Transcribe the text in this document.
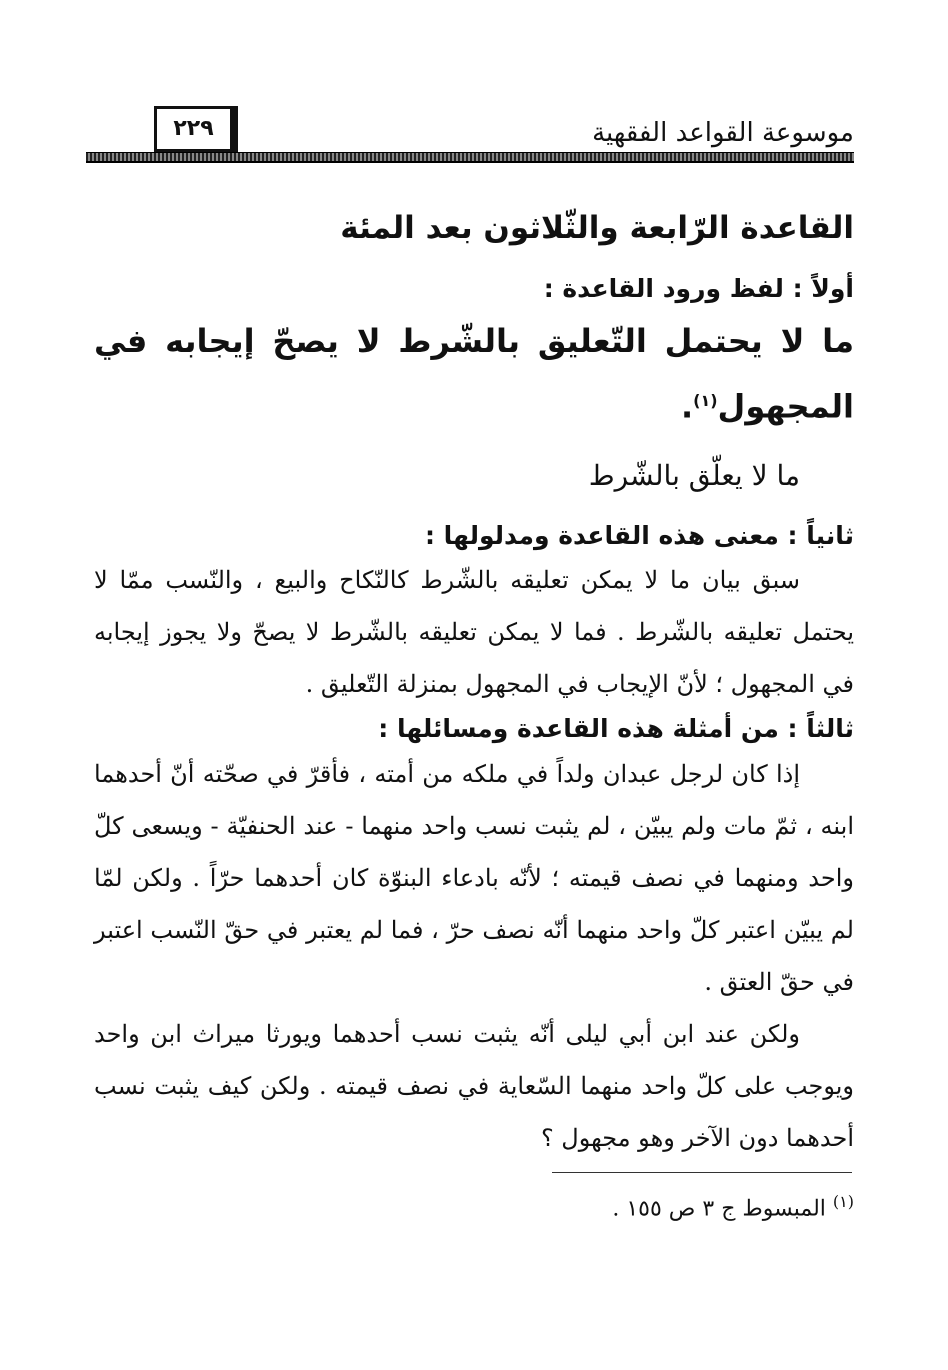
موسوعة القواعد الفقهية
٢٢٩
القاعدة الرّابعة والثّلاثون بعد المئة
أولاً : لفظ ورود القاعدة :

ما لا يحتمل التّعليق بالشّرط لا يصحّ إيجابه في المجهول$^{(١)}$.

ما لا يعلّق بالشّرط

ثانياً : معنى هذه القاعدة ومدلولها :

سبق بيان ما لا يمكن تعليقه بالشّرط كالنّكاح والبيع ، والنّسب ممّا لا يحتمل تعليقه بالشّرط . فما لا يمكن تعليقه بالشّرط لا يصحّ ولا يجوز إيجابه في المجهول ؛ لأنّ الإيجاب في المجهول بمنزلة التّعليق .

ثالثاً : من أمثلة هذه القاعدة ومسائلها :

إذا كان لرجل عبدان ولداً في ملكه من أمته ، فأقرّ في صحّته أنّ أحدهما ابنه ، ثمّ مات ولم يبيّن ، لم يثبت نسب واحد منهما - عند الحنفيّة - ويسعى كلّ واحد ومنهما في نصف قيمته ؛ لأنّه بادعاء البنوّة كان أحدهما حرّاً . ولكن لمّا لم يبيّن اعتبر كلّ واحد منهما أنّه نصف حرّ ، فما لم يعتبر في حقّ النّسب اعتبر في حقّ العتق .

ولكن عند ابن أبي ليلى أنّه يثبت نسب أحدهما ويورثا ميراث ابن واحد ويوجب على كلّ واحد منهما السّعاية في نصف قيمته . ولكن كيف يثبت نسب أحدهما دون الآخر وهو مجهول ؟

$^{(١)}$ المبسوط ج ٣ ص ١٥٥ .
